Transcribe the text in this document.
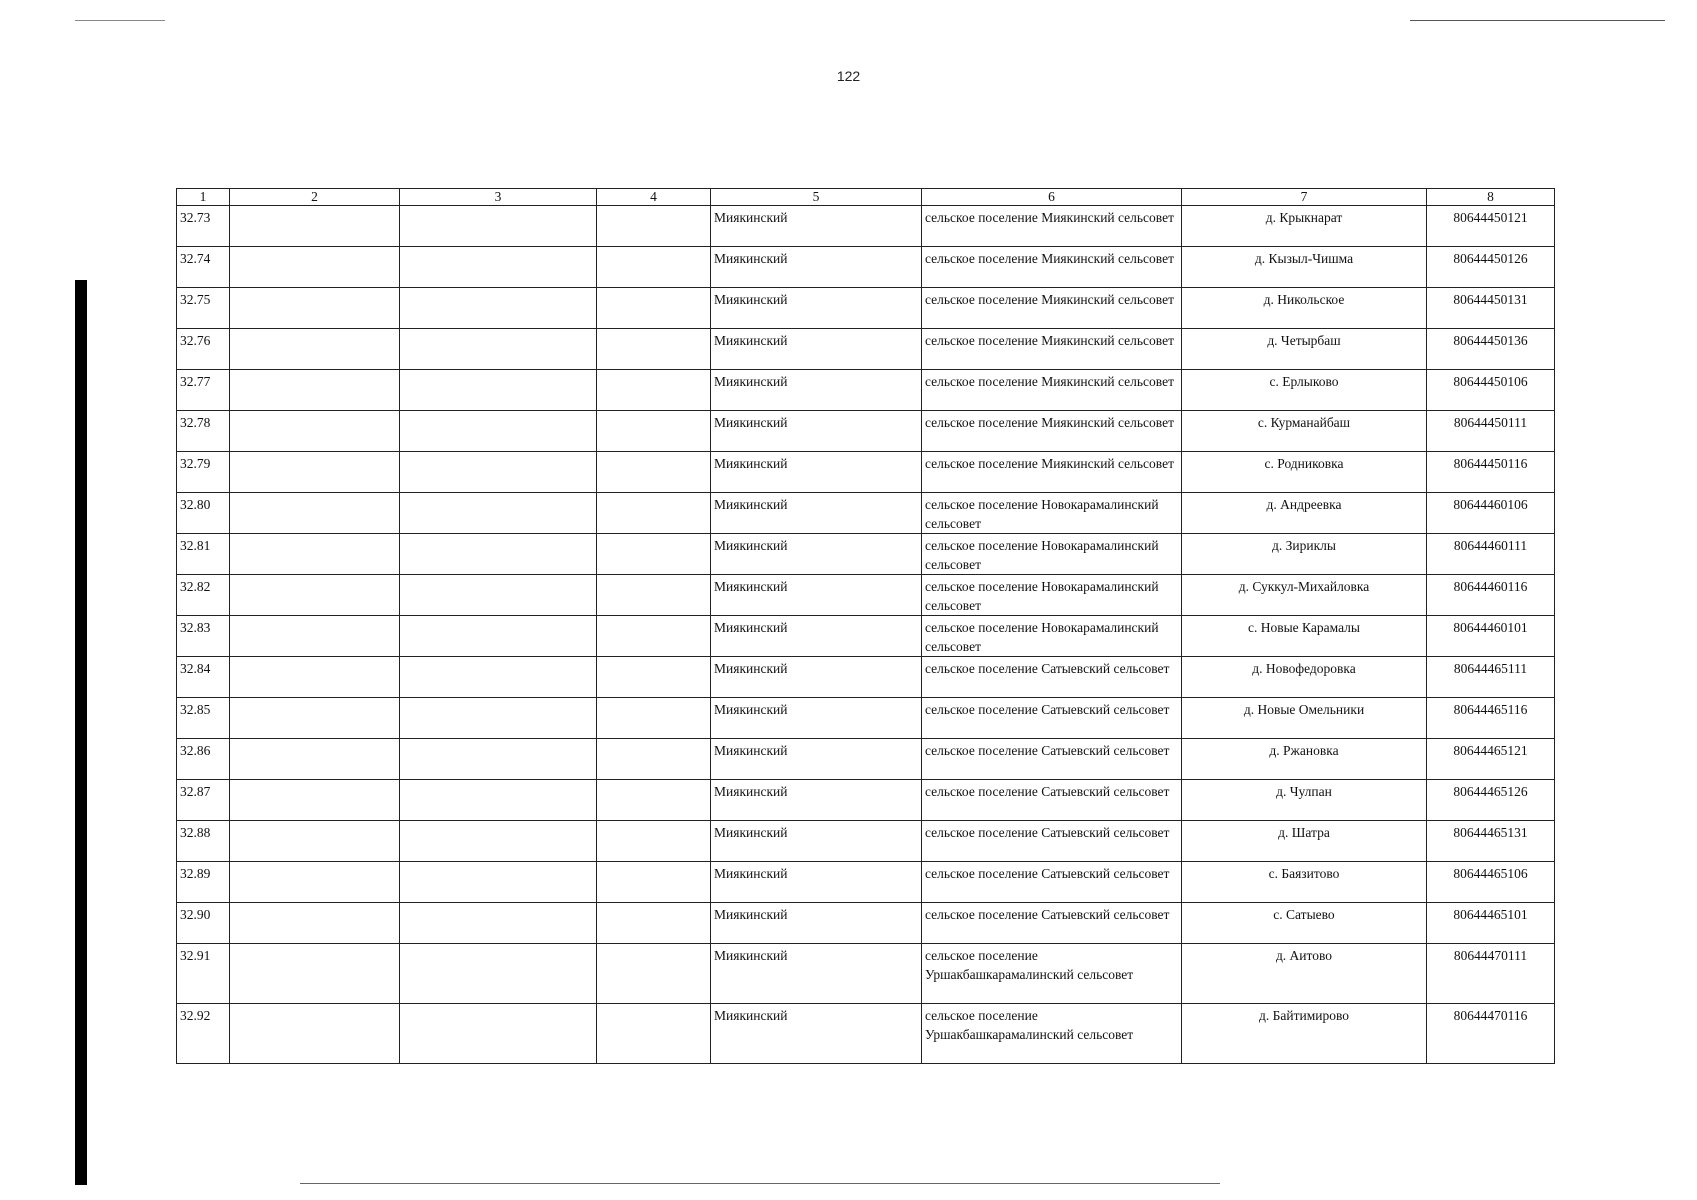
122
1	2	3	4	5	6	7	8
32.73				Миякинский	сельское поселение Миякинский сельсовет	д. Крыкнарат	80644450121
32.74				Миякинский	сельское поселение Миякинский сельсовет	д. Кызыл-Чишма	80644450126
32.75				Миякинский	сельское поселение Миякинский сельсовет	д. Никольское	80644450131
32.76				Миякинский	сельское поселение Миякинский сельсовет	д. Четырбаш	80644450136
32.77				Миякинский	сельское поселение Миякинский сельсовет	с. Ерлыково	80644450106
32.78				Миякинский	сельское поселение Миякинский сельсовет	с. Курманайбаш	80644450111
32.79				Миякинский	сельское поселение Миякинский сельсовет	с. Родниковка	80644450116
32.80				Миякинский	сельское поселение Новокарамалинский сельсовет	д. Андреевка	80644460106
32.81				Миякинский	сельское поселение Новокарамалинский сельсовет	д. Зириклы	80644460111
32.82				Миякинский	сельское поселение Новокарамалинский сельсовет	д. Суккул-Михайловка	80644460116
32.83				Миякинский	сельское поселение Новокарамалинский сельсовет	с. Новые Карамалы	80644460101
32.84				Миякинский	сельское поселение Сатыевский сельсовет	д. Новофедоровка	80644465111
32.85				Миякинский	сельское поселение Сатыевский сельсовет	д. Новые Омельники	80644465116
32.86				Миякинский	сельское поселение Сатыевский сельсовет	д. Ржановка	80644465121
32.87				Миякинский	сельское поселение Сатыевский сельсовет	д. Чулпан	80644465126
32.88				Миякинский	сельское поселение Сатыевский сельсовет	д. Шатра	80644465131
32.89				Миякинский	сельское поселение Сатыевский сельсовет	с. Баязитово	80644465106
32.90				Миякинский	сельское поселение Сатыевский сельсовет	с. Сатыево	80644465101
32.91				Миякинский	сельское поселение Уршакбашкарамалинский сельсовет	д. Аитово	80644470111
32.92				Миякинский	сельское поселение Уршакбашкарамалинский сельсовет	д. Байтимирово	80644470116
